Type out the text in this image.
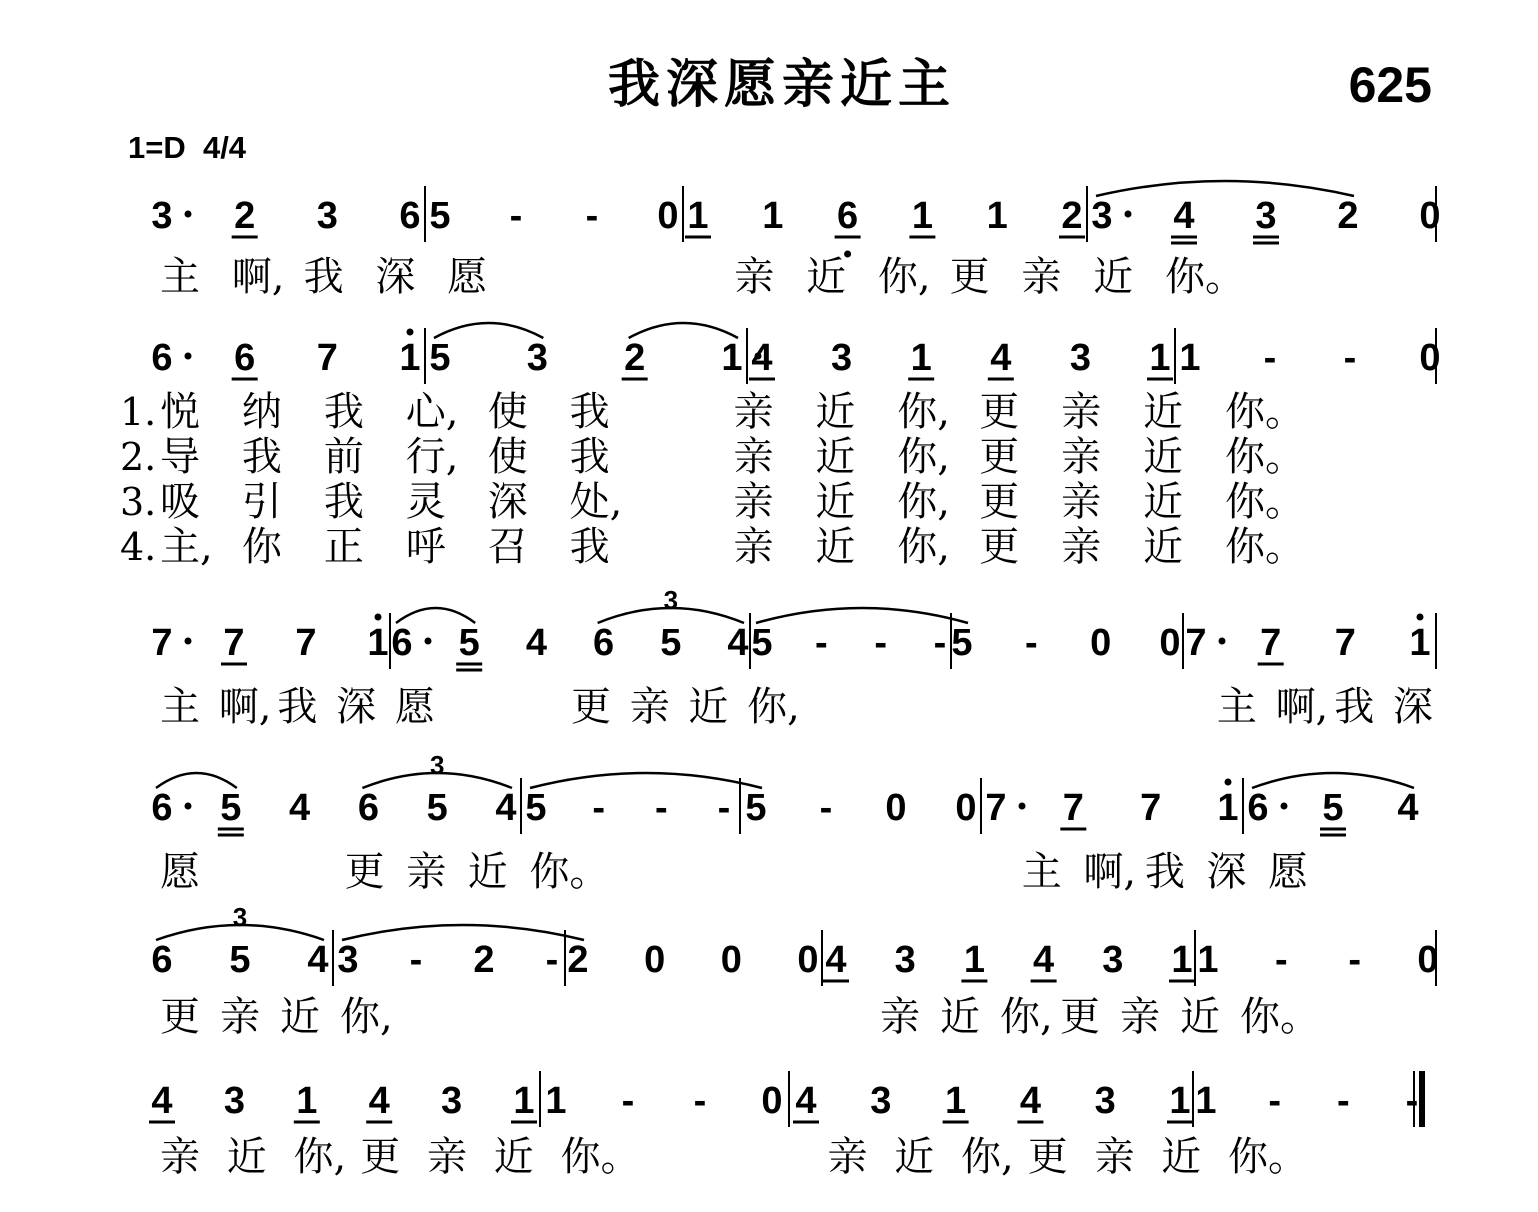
我深愿亲近主	625
1=D  4/4
3 2 3 6 5 - - 0 1 1 6 1 1 2 3 4 3 2 0
主 啊, 我 深 愿	亲 近 你, 更 亲 近 你。
6 6 7 1 5 3 2 1 4 3 1 4 3 1 1 - - 0
1. 悦 纳 我 心, 使 我	亲 近 你, 更 亲 近 你。
2. 导 我 前 行, 使 我	亲 近 你, 更 亲 近 你。
3. 吸 引 我 灵 深 处,	亲 近 你, 更 亲 近 你。
4. 主, 你 正 呼 召 我	亲 近 你, 更 亲 近 你。
7 7 7 1 6 5 4 6 5 4 5 - - - 5 - 0 0 7 7 7 1
3
主 啊, 我 深 愿	更 亲 近 你,	主 啊, 我 深
6 5 4 6 5 4 5 - - - 5 - 0 0 7 7 7 1 6 5 4
3
愿	更 亲 近 你。	主 啊, 我 深 愿
6 5 4 3 - 2 - 2 0 0 0 4 3 1 4 3 1 1 - - 0
3
更 亲 近 你,	亲 近 你, 更 亲 近 你。
4 3 1 4 3 1 1 - - 0 4 3 1 4 3 1 1 - - -
亲 近 你, 更 亲 近 你。	亲 近 你, 更 亲 近 你。
